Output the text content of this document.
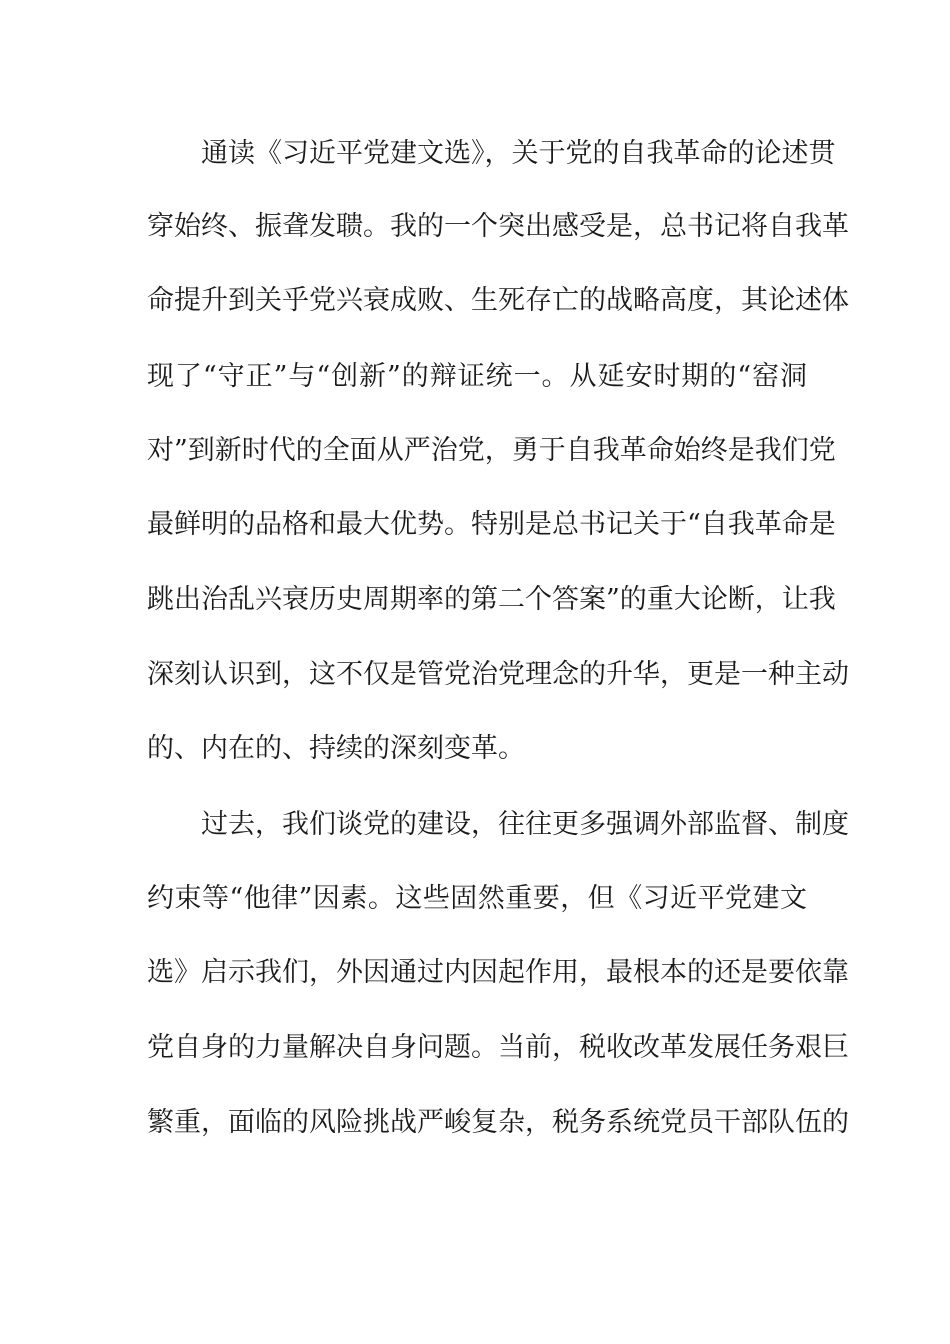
通读《习近平党建文选》，关于党的自我革命的论述贯
穿始终、振聋发聩。我的一个突出感受是，总书记将自我革
命提升到关乎党兴衰成败、生死存亡的战略高度，其论述体
现了“守正”与“创新”的辩证统一。从延安时期的“窑洞
对”到新时代的全面从严治党，勇于自我革命始终是我们党
最鲜明的品格和最大优势。特别是总书记关于“自我革命是
跳出治乱兴衰历史周期率的第二个答案”的重大论断，让我
深刻认识到，这不仅是管党治党理念的升华，更是一种主动
的、内在的、持续的深刻变革。
过去，我们谈党的建设，往往更多强调外部监督、制度
约束等“他律”因素。这些固然重要，但《习近平党建文
选》启示我们，外因通过内因起作用，最根本的还是要依靠
党自身的力量解决自身问题。当前，税收改革发展任务艰巨
繁重，面临的风险挑战严峻复杂，税务系统党员干部队伍的
